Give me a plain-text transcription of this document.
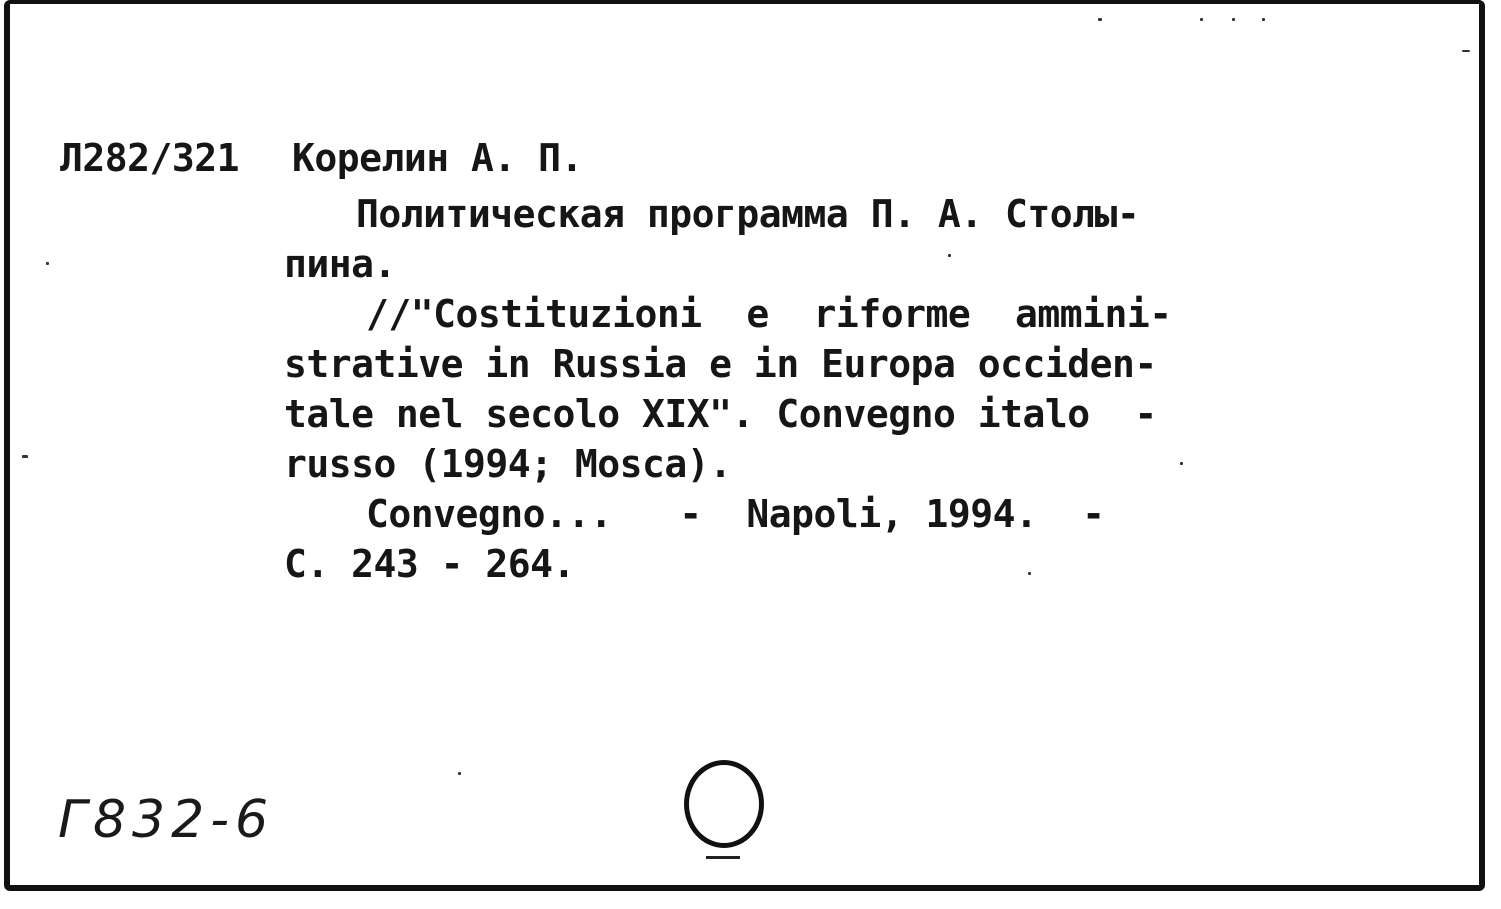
Л282/321 Корелин А. П.
Политическая программа П. А. Столы-
пина.
//"Costituzioni  e  riforme  ammini-
strative in Russia e in Europa occiden-
tale nel secolo XIX". Convegno italo  -
russo (1994; Mosca).
Convegno...   -  Napoli, 1994.  -
С. 243 - 264.
Г832-6
